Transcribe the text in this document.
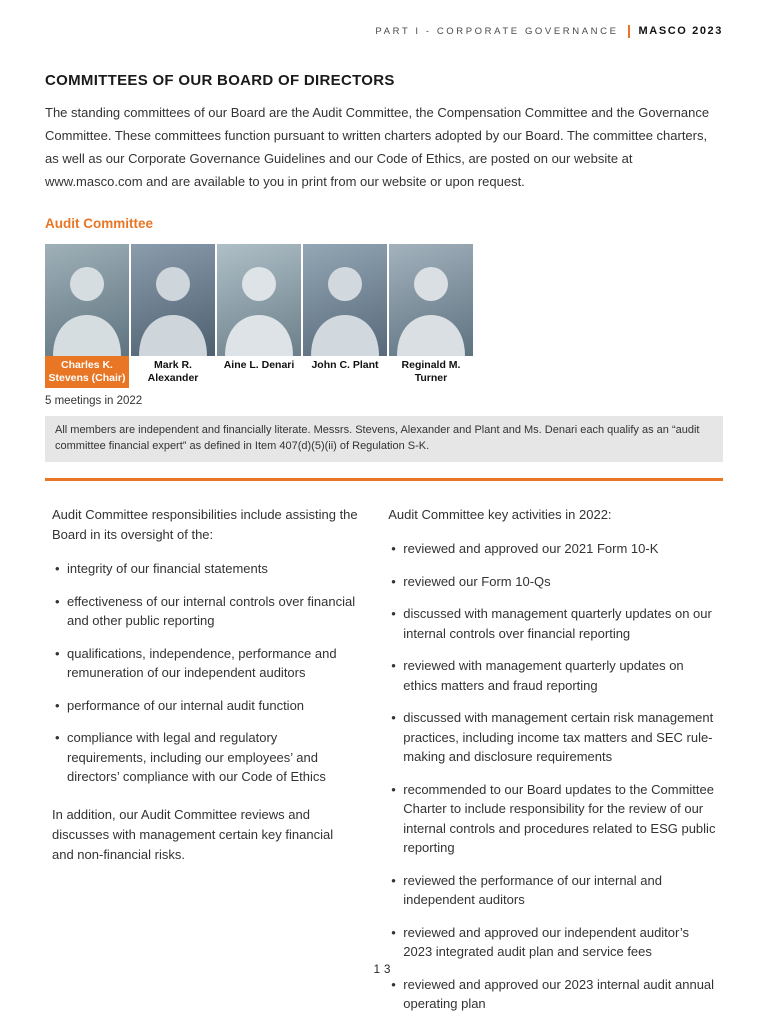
PART I - CORPORATE GOVERNANCE MASCO 2023
COMMITTEES OF OUR BOARD OF DIRECTORS

The standing committees of our Board are the Audit Committee, the Compensation Committee and the Governance Committee. These committees function pursuant to written charters adopted by our Board. The committee charters, as well as our Corporate Governance Guidelines and our Code of Ethics, are posted on our website at www.masco.com and are available to you in print from our website or upon request.

Audit Committee
Charles K. Stevens (Chair)
Mark R. Alexander
Aine L. Denari	John C. Plant	Reginald M. Turner
5 meetings in 2022
All members are independent and financially literate. Messrs. Stevens, Alexander and Plant and Ms. Denari each qualify as an “audit committee financial expert” as defined in Item 407(d)(5)(ii) of Regulation S-K.

Audit Committee responsibilities include assisting the Board in its oversight of the:

• integrity of our financial statements
• effectiveness of our internal controls over financial and other public reporting
• qualifications, independence, performance and remuneration of our independent auditors
• performance of our internal audit function
• compliance with legal and regulatory requirements, including our employees’ and directors’ compliance with our Code of Ethics

In addition, our Audit Committee reviews and discusses with management certain key financial and non-financial risks.

Audit Committee key activities in 2022:

• reviewed and approved our 2021 Form 10-K
• reviewed our Form 10-Qs
• discussed with management quarterly updates on our internal controls over financial reporting
• reviewed with management quarterly updates on ethics matters and fraud reporting
• discussed with management certain risk management practices, including income tax matters and SEC rule-making and disclosure requirements
• recommended to our Board updates to the Committee Charter to include responsibility for the review of our internal controls and procedures related to ESG public reporting
• reviewed the performance of our internal and independent auditors
• reviewed and approved our independent auditor’s 2023 integrated audit plan and service fees
• reviewed and approved our 2023 internal audit annual operating plan
13
